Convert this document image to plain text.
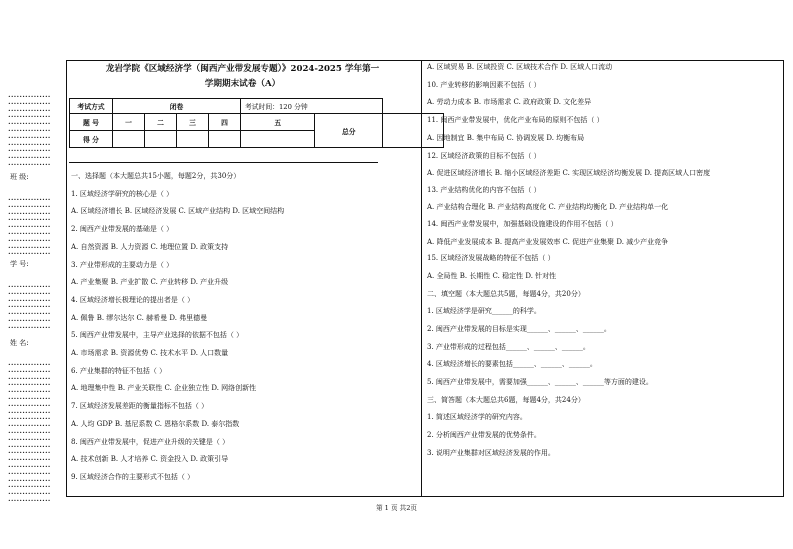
•••••••••••••••
•••••••••••••••
•••••••••••••••
•••••••••••••••
•••••••••••••••
•••••••••••••••
•••••••••••••••
•••••••••••••••
•••••••••••••••
•••••••••••••••
•••••••••••••••
班 级:
•••••••••••••••
•••••••••••••••
•••••••••••••••
•••••••••••••••
•••••••••••••••
•••••••••••••••
•••••••••••••••
•••••••••••••••
•••••••••••••••
学 号:
•••••••••••••••
•••••••••••••••
•••••••••••••••
•••••••••••••••
•••••••••••••••
•••••••••••••••
•••••••••••••••
姓 名:
•••••••••••••••
•••••••••••••••
•••••••••••••••
•••••••••••••••
•••••••••••••••
•••••••••••••••
•••••••••••••••
•••••••••••••••
•••••••••••••••
•••••••••••••••
•••••••••••••••
•••••••••••••••
•••••••••••••••
•••••••••••••••
•••••••••••••••
•••••••••••••••
•••••••••••••••
•••••••••••••••
•••••••••••••••
•••••••••••••••
•••••••••••••••
龙岩学院《区域经济学（闽西产业带发展专题）》2024-2025 学年第一
学期期末试卷（A）
考试方式	闭卷				考试时间：120 分钟		
题 号	一	二	三	四	五	总分	
得 分							
一、选择题（本大题总共15小题，每题2分，共30分）
1. 区域经济学研究的核心是（ ）
A. 区域经济增长 B. 区域经济发展 C. 区域产业结构 D. 区域空间结构
2. 闽西产业带发展的基础是（ ）
A. 自然资源 B. 人力资源 C. 地理位置 D. 政策支持
3. 产业带形成的主要动力是（ ）
A. 产业集聚 B. 产业扩散 C. 产业转移 D. 产业升级
4. 区域经济增长极理论的提出者是（ ）
A. 佩鲁 B. 缪尔达尔 C. 赫希曼 D. 弗里德曼
5. 闽西产业带发展中，主导产业选择的依据不包括（ ）
A. 市场需求 B. 资源优势 C. 技术水平 D. 人口数量
6. 产业集群的特征不包括（ ）
A. 地理集中性 B. 产业关联性 C. 企业独立性 D. 网络创新性
7. 区域经济发展差距的衡量指标不包括（ ）
A. 人均 GDP B. 基尼系数 C. 恩格尔系数 D. 泰尔指数
8. 闽西产业带发展中，促进产业升级的关键是（ ）
A. 技术创新 B. 人才培养 C. 资金投入 D. 政策引导
9. 区域经济合作的主要形式不包括（ ）
A. 区域贸易 B. 区域投资 C. 区域技术合作 D. 区域人口流动
10. 产业转移的影响因素不包括（ ）
A. 劳动力成本 B. 市场需求 C. 政府政策 D. 文化差异
11. 闽西产业带发展中，优化产业布局的原则不包括（ ）
A. 因地制宜 B. 集中布局 C. 协调发展 D. 均衡布局
12. 区域经济政策的目标不包括（ ）
A. 促进区域经济增长 B. 缩小区域经济差距 C. 实现区域经济均衡发展 D. 提高区域人口密度
13. 产业结构优化的内容不包括（ ）
A. 产业结构合理化 B. 产业结构高度化 C. 产业结构均衡化 D. 产业结构单一化
14. 闽西产业带发展中，加强基础设施建设的作用不包括（ ）
A. 降低产业发展成本 B. 提高产业发展效率 C. 促进产业集聚 D. 减少产业竞争
15. 区域经济发展战略的特征不包括（ ）
A. 全局性 B. 长期性 C. 稳定性 D. 针对性
二、填空题（本大题总共5题，每题4分，共20分）
1. 区域经济学是研究______的科学。
2. 闽西产业带发展的目标是实现______、______、______。
3. 产业带形成的过程包括______、______、______。
4. 区域经济增长的要素包括______、______、______。
5. 闽西产业带发展中，需要加强______、______、______等方面的建设。
三、简答题（本大题总共6题，每题4分，共24分）
1. 简述区域经济学的研究内容。
2. 分析闽西产业带发展的优势条件。
3. 说明产业集群对区域经济发展的作用。
第 1 页 共2页
